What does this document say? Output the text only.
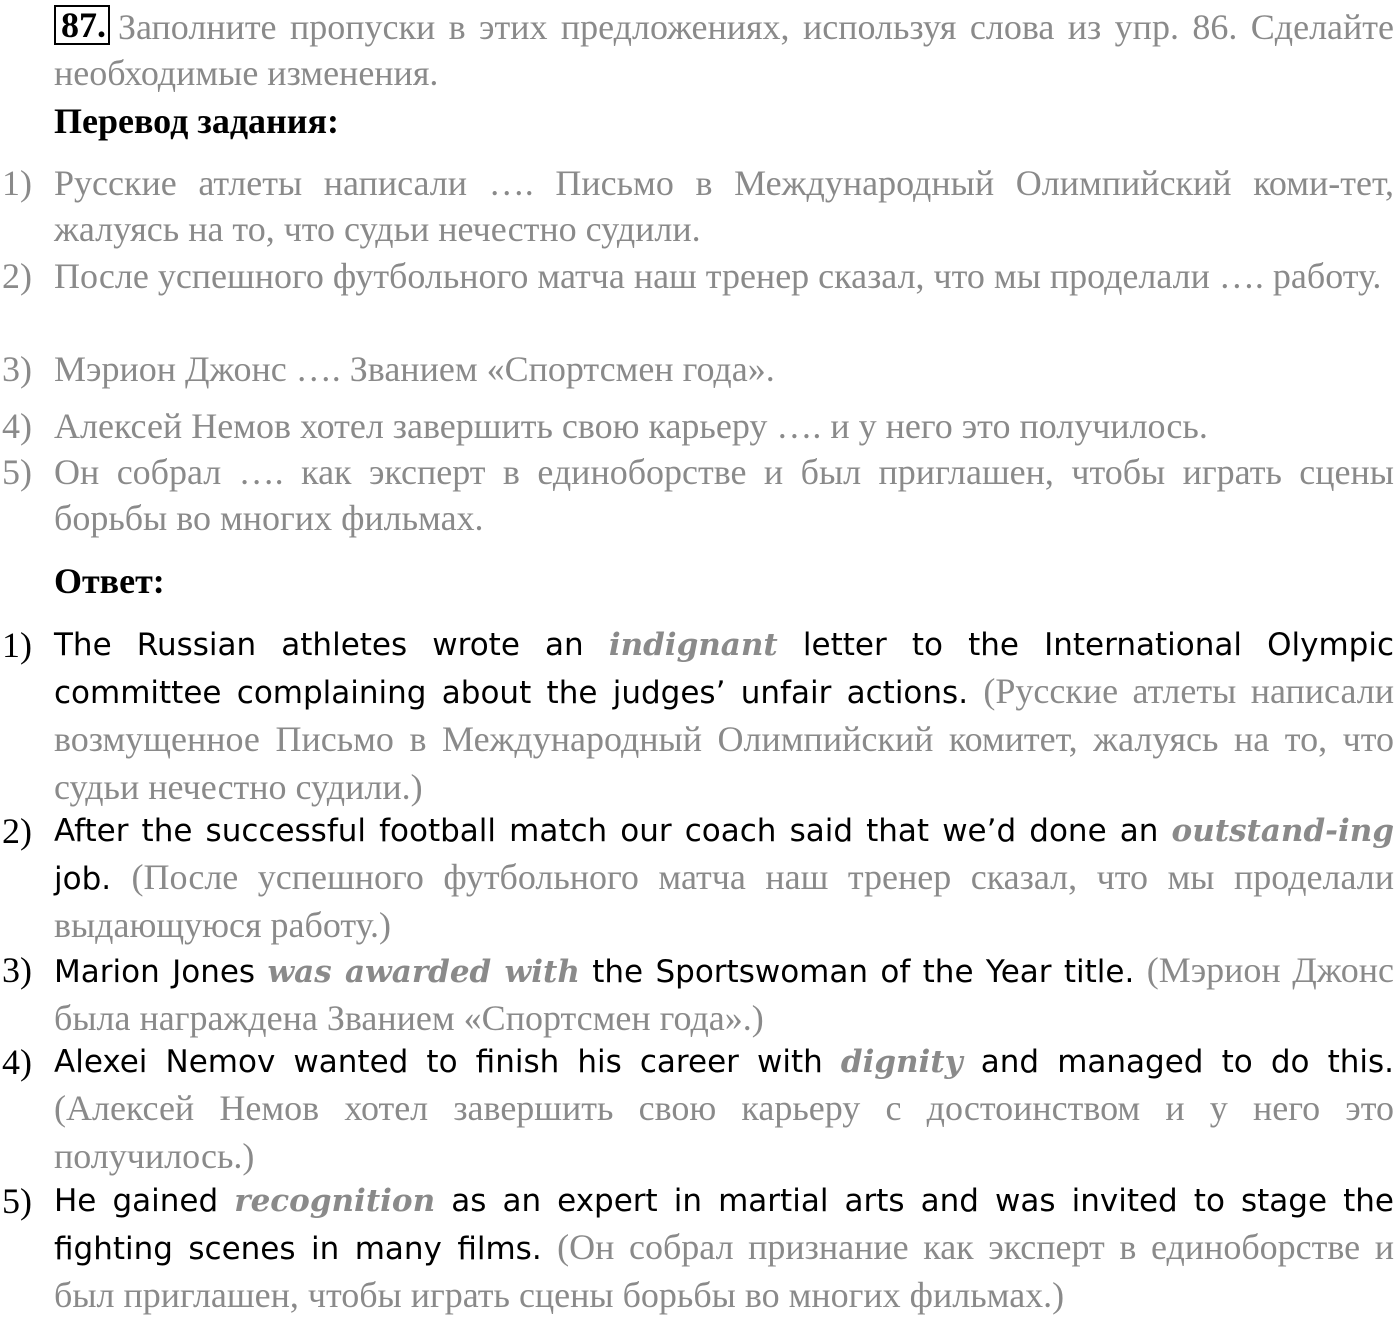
87. Заполните пропуски в этих предложениях, используя слова из упр. 86. Сделайте необходимые изменения.
Перевод задания:
1) Русские атлеты написали …. Письмо в Международный Олимпийский коми-тет, жалуясь на то, что судьи нечестно судили.
2) После успешного футбольного матча наш тренер сказал, что мы проделали …. работу.
3) Мэрион Джонс …. Званием «Спортсмен года».
4) Алексей Немов хотел завершить свою карьеру …. и у него это получилось.
5) Он собрал …. как эксперт в единоборстве и был приглашен, чтобы играть сцены борьбы во многих фильмах.
Ответ:
1) The Russian athletes wrote an indignant letter to the International Olympic committee complaining about the judges’ unfair actions. (Русские атлеты написали возмущенное Письмо в Международный Олимпийский комитет, жалуясь на то, что судьи нечестно судили.)
2) After the successful football match our coach said that we’d done an outstand-ing job. (После успешного футбольного матча наш тренер сказал, что мы проделали выдающуюся работу.)
3) Marion Jones was awarded with the Sportswoman of the Year title. (Мэрион Джонс была награждена Званием «Спортсмен года».)
4) Alexei Nemov wanted to finish his career with dignity and managed to do this. (Алексей Немов хотел завершить свою карьеру с достоинством и у него это получилось.)
5) He gained recognition as an expert in martial arts and was invited to stage the fighting scenes in many films. (Он собрал признание как эксперт в единоборстве и был приглашен, чтобы играть сцены борьбы во многих фильмах.)
